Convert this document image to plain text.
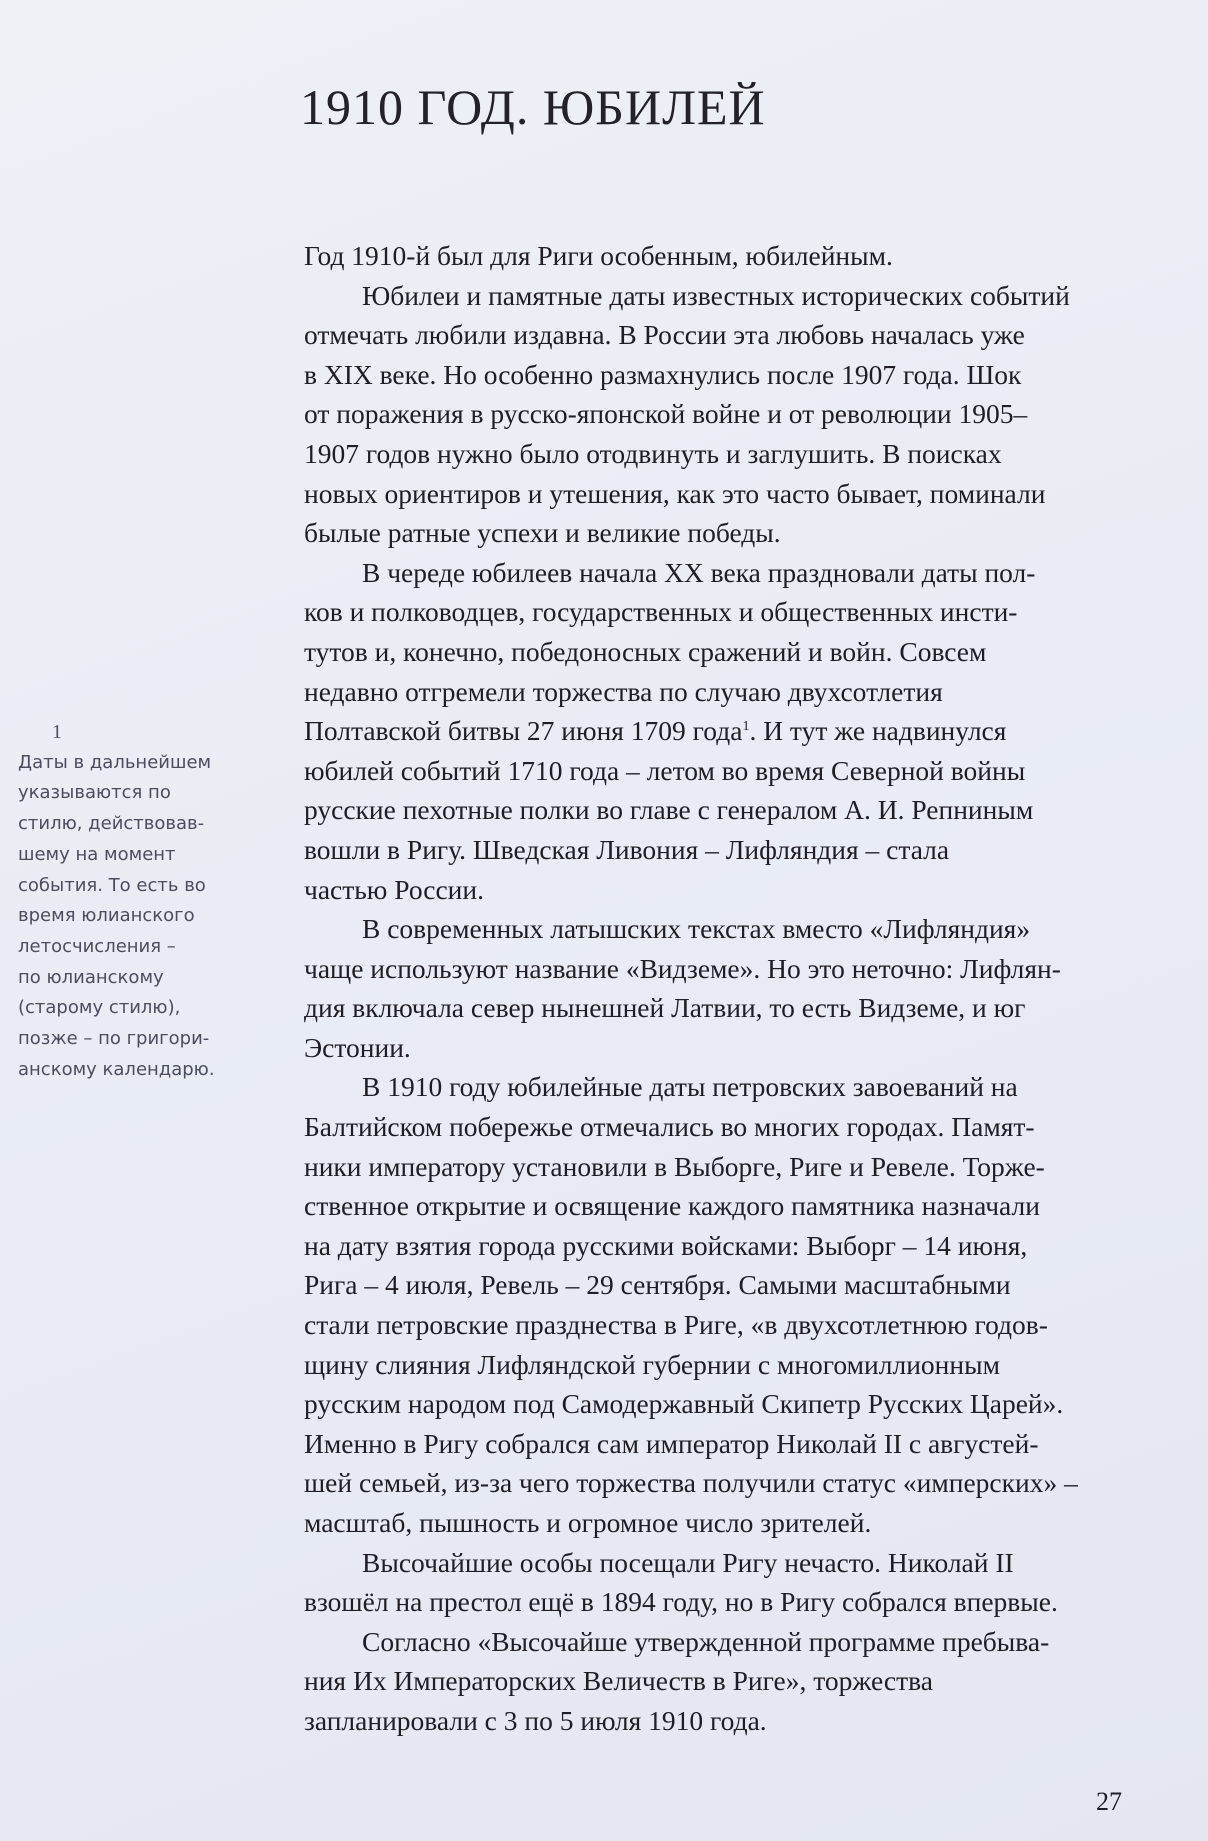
1910 ГОД. ЮБИЛЕЙ
1
Даты в дальнейшем
указываются по
стилю, действовав-
шему на момент
события. То есть во
время юлианского
летосчисления –
по юлианскому
(старому стилю),
позже – по григори-
анскому календарю.
Год 1910-й был для Риги особенным, юбилейным.
Юбилеи и памятные даты известных исторических событий
отмечать любили издавна. В России эта любовь началась уже
в XIX веке. Но особенно размахнулись после 1907 года. Шок
от поражения в русско-японской войне и от революции 1905–
1907 годов нужно было отодвинуть и заглушить. В поисках
новых ориентиров и утешения, как это часто бывает, поминали
былые ратные успехи и великие победы.
В череде юбилеев начала XX века праздновали даты пол-
ков и полководцев, государственных и общественных инсти-
тутов и, конечно, победоносных сражений и войн. Совсем
недавно отгремели торжества по случаю двухсотлетия
Полтавской битвы 27 июня 1709 года$^1$. И тут же надвинулся
юбилей событий 1710 года – летом во время Северной войны
русские пехотные полки во главе с генералом А. И. Репниным
вошли в Ригу. Шведская Ливония – Лифляндия – стала
частью России.
В современных латышских текстах вместо «Лифляндия»
чаще используют название «Видземе». Но это неточно: Лифлян-
дия включала север нынешней Латвии, то есть Видземе, и юг
Эстонии.
В 1910 году юбилейные даты петровских завоеваний на
Балтийском побережье отмечались во многих городах. Памят-
ники императору установили в Выборге, Риге и Ревеле. Торже-
ственное открытие и освящение каждого памятника назначали
на дату взятия города русскими войсками: Выборг – 14 июня,
Рига – 4 июля, Ревель – 29 сентября. Самыми масштабными
стали петровские празднества в Риге, «в двухсотлетнюю годов-
щину слияния Лифляндской губернии с многомиллионным
русским народом под Самодержавный Скипетр Русских Царей».
Именно в Ригу собрался сам император Николай II с августей-
шей семьей, из-за чего торжества получили статус «имперских» –
масштаб, пышность и огромное число зрителей.
Высочайшие особы посещали Ригу нечасто. Николай II
взошёл на престол ещё в 1894 году, но в Ригу собрался впервые.
Согласно «Высочайше утвержденной программе пребыва-
ния Их Императорских Величеств в Риге», торжества
запланировали с 3 по 5 июля 1910 года.
27
